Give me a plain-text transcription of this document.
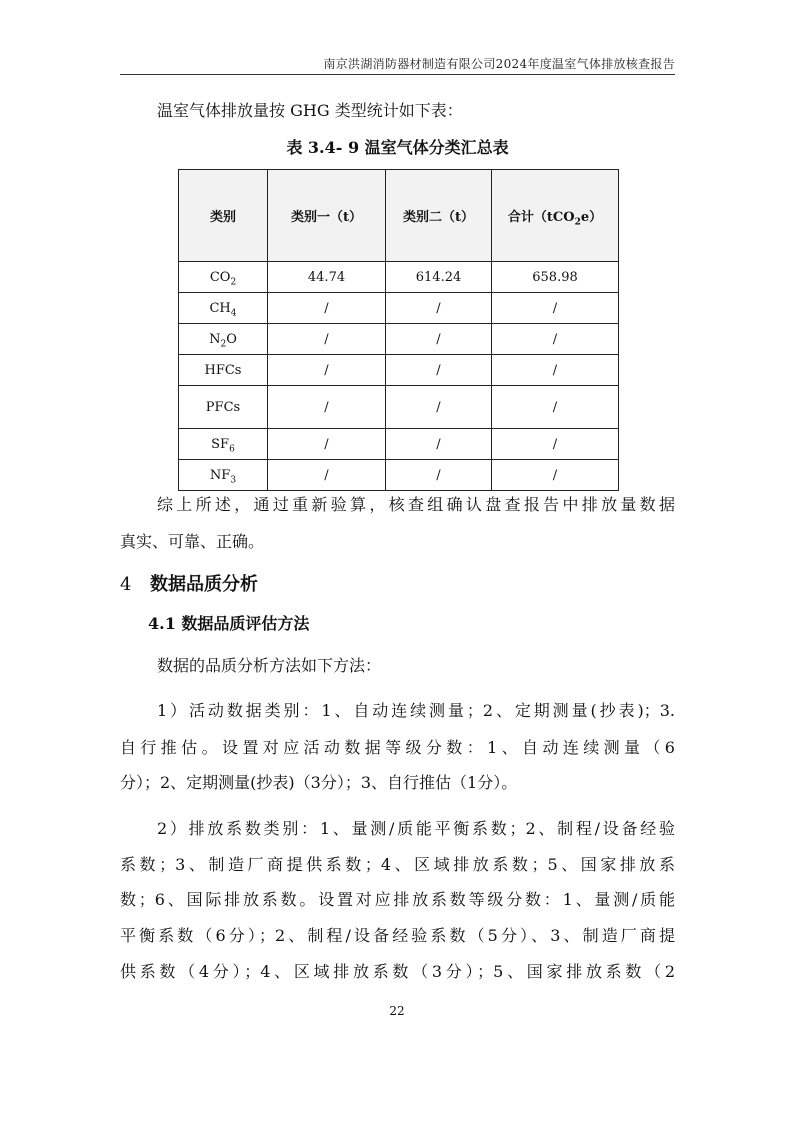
南京洪湖消防器材制造有限公司2024年度温室气体排放核查报告
温室气体排放量按 GHG 类型统计如下表：
表 3.4- 9 温室气体分类汇总表
类别	类别一（t）	类别二（t）	合计（tCO$_2$e）
$CO_2$	44.74	614.24	658.98
$CH_4$	/	/	/
$N_2O$	/	/	/
HFCs	/	/	/
PFCs	/	/	/
$SF_6$	/	/	/
$NF_3$	/	/	/
综上所述，通过重新验算，核查组确认盘查报告中排放量数据
真实、可靠、正确。
4 数据品质分析
4.1 数据品质评估方法
数据的品质分析方法如下方法：
1）活动数据类别：1、自动连续测量；2、定期测量(抄表)；3.
自行推估。设置对应活动数据等级分数：1、自动连续测量（6
分）；2、定期测量(抄表)（3分）；3、自行推估（1分）。
2）排放系数类别：1、量测/质能平衡系数；2、制程/设备经验
系数；3、制造厂商提供系数；4、区域排放系数；5、国家排放系
数；6、国际排放系数。设置对应排放系数等级分数：1、量测/质能
平衡系数（6分）；2、制程/设备经验系数（5分）、3、制造厂商提
供系数（4分）；4、区域排放系数（3分）；5、国家排放系数（2
22
